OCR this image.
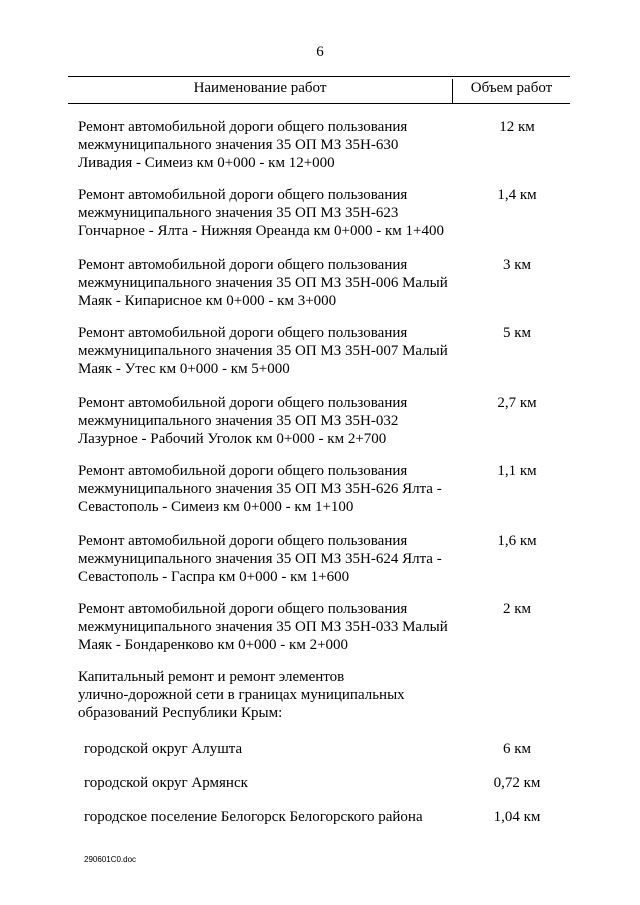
6
Наименование работ	Объем работ
Ремонт автомобильной дороги общего пользования
межмуниципального значения 35 ОП МЗ 35Н-630
Ливадия - Симеиз км 0+000 - км 12+000
12 км
Ремонт автомобильной дороги общего пользования
межмуниципального значения 35 ОП МЗ 35Н-623
Гончарное - Ялта - Нижняя Ореанда км 0+000 - км 1+400
1,4 км
Ремонт автомобильной дороги общего пользования
межмуниципального значения 35 ОП МЗ 35Н-006 Малый
Маяк - Кипарисное км 0+000 - км 3+000
3 км
Ремонт автомобильной дороги общего пользования
межмуниципального значения 35 ОП МЗ 35Н-007 Малый
Маяк - Утес км 0+000 - км 5+000
5 км
Ремонт автомобильной дороги общего пользования
межмуниципального значения 35 ОП МЗ 35Н-032
Лазурное - Рабочий Уголок км 0+000 - км 2+700
2,7 км
Ремонт автомобильной дороги общего пользования
межмуниципального значения 35 ОП МЗ 35Н-626 Ялта -
Севастополь - Симеиз км 0+000 - км 1+100
1,1 км
Ремонт автомобильной дороги общего пользования
межмуниципального значения 35 ОП МЗ 35Н-624 Ялта -
Севастополь - Гаспра км 0+000 - км 1+600
1,6 км
Ремонт автомобильной дороги общего пользования
межмуниципального значения 35 ОП МЗ 35Н-033 Малый
Маяк - Бондаренково км 0+000 - км 2+000
2 км
Капитальный ремонт и ремонт элементов
улично-дорожной сети в границах муниципальных
образований Республики Крым:
городской округ Алушта	6 км
городской округ Армянск	0,72 км
городское поселение Белогорск Белогорского района	1,04 км
290601C0.doc
